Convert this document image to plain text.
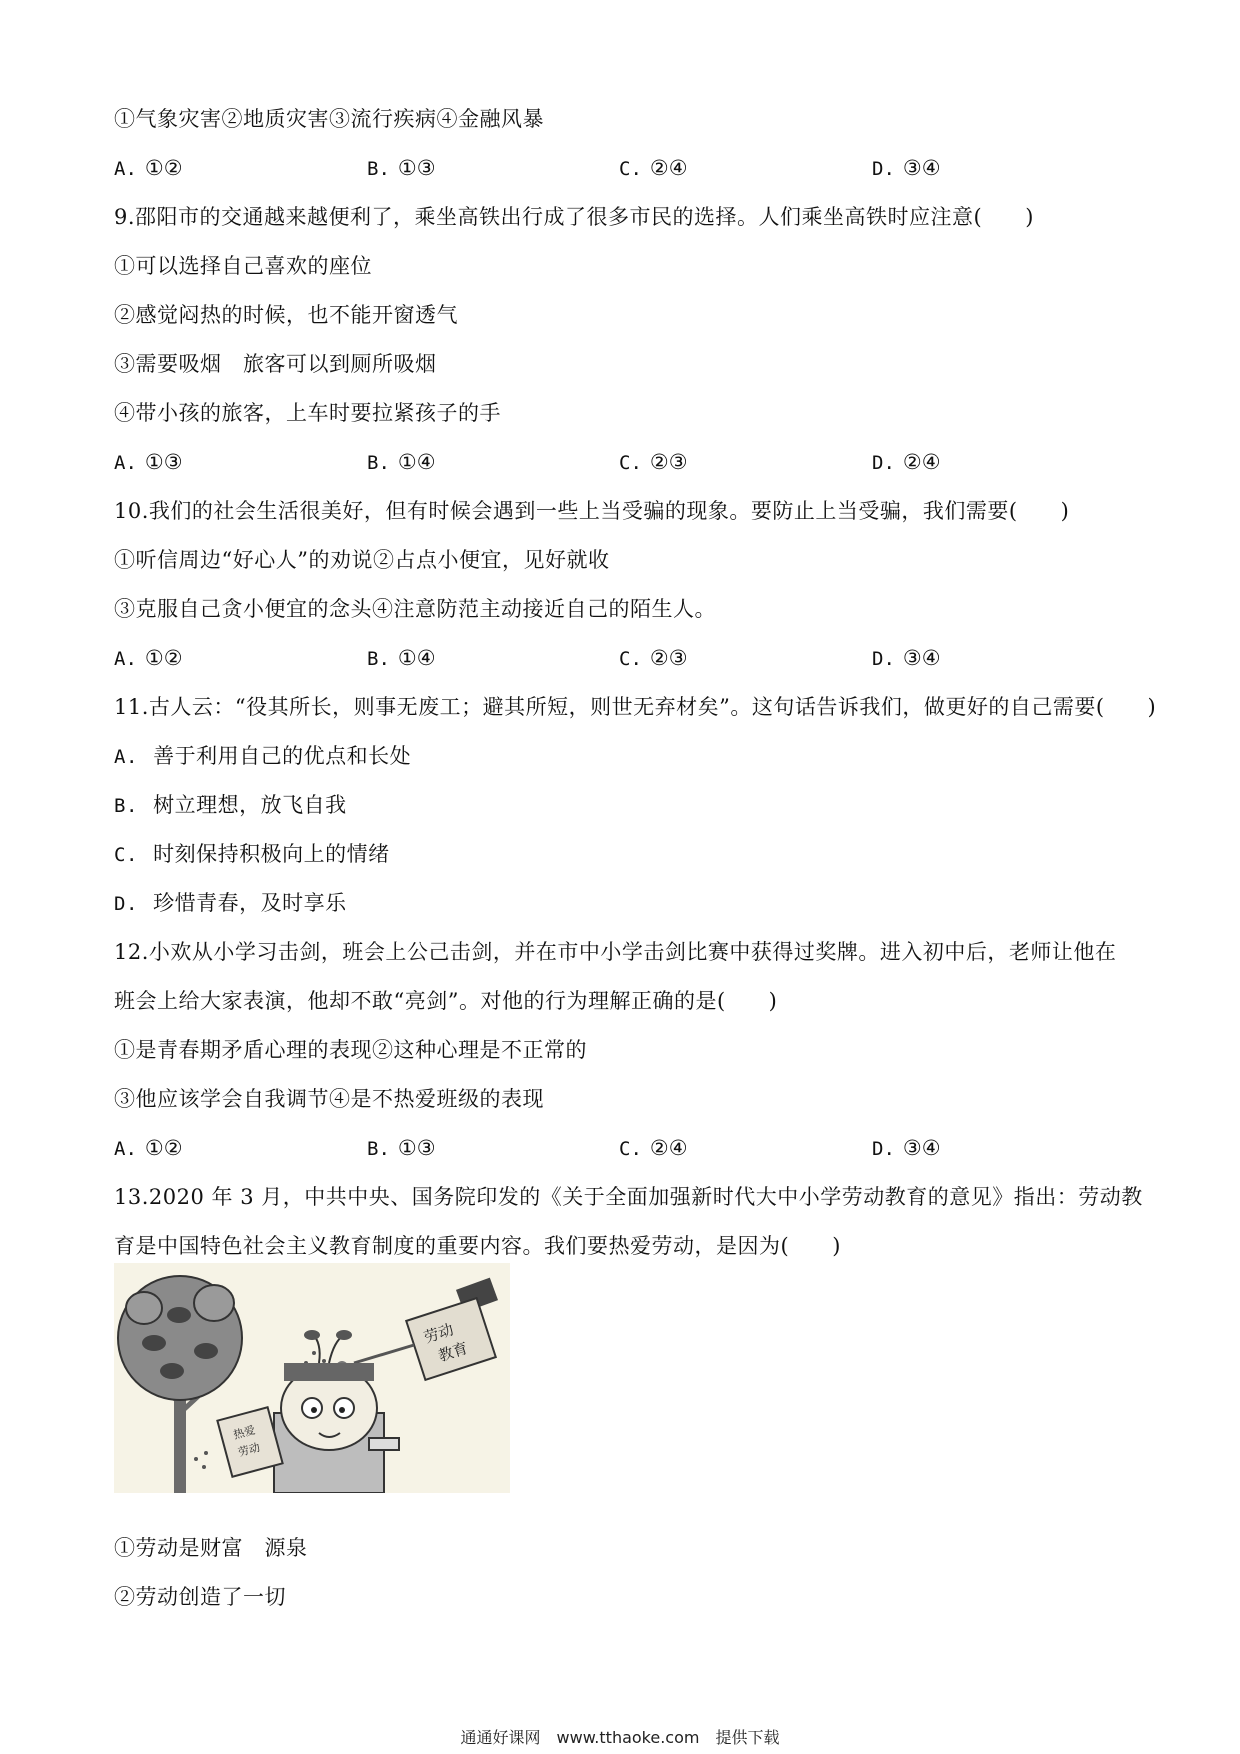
①气象灾害②地质灾害③流行疾病④金融风暴
A. ①②	B. ①③	C. ②④	D. ③④
9.邵阳市的交通越来越便利了，乘坐高铁出行成了很多市民的选择。人们乘坐高铁时应注意(　　)
①可以选择自己喜欢的座位
②感觉闷热的时候，也不能开窗透气
③需要吸烟　旅客可以到厕所吸烟
④带小孩的旅客，上车时要拉紧孩子的手
A. ①③	B. ①④	C. ②③	D. ②④
10.我们的社会生活很美好，但有时候会遇到一些上当受骗的现象。要防止上当受骗，我们需要(　　)
①听信周边“好心人”的劝说②占点小便宜，见好就收
③克服自己贪小便宜的念头④注意防范主动接近自己的陌生人。
A. ①②	B. ①④	C. ②③	D. ③④
11.古人云：“役其所长，则事无废工；避其所短，则世无弃材矣”。这句话告诉我们，做更好的自己需要(　　)
A. 善于利用自己的优点和长处
B. 树立理想，放飞自我
C. 时刻保持积极向上的情绪
D. 珍惜青春，及时享乐
12.小欢从小学习击剑，班会上公己击剑，并在市中小学击剑比赛中获得过奖牌。进入初中后，老师让他在
班会上给大家表演，他却不敢“亮剑”。对他的行为理解正确的是(　　)
①是青春期矛盾心理的表现②这种心理是不正常的
③他应该学会自我调节④是不热爱班级的表现
A. ①②	B. ①③	C. ②④	D. ③④
13.2020 年 3 月，中共中央、国务院印发的《关于全面加强新时代大中小学劳动教育的意见》指出：劳动教
育是中国特色社会主义教育制度的重要内容。我们要热爱劳动，是因为(　　)
劳动教育
热爱劳动
①劳动是财富　源泉
②劳动创造了一切
通通好课网　www.tthaoke.com　提供下载
